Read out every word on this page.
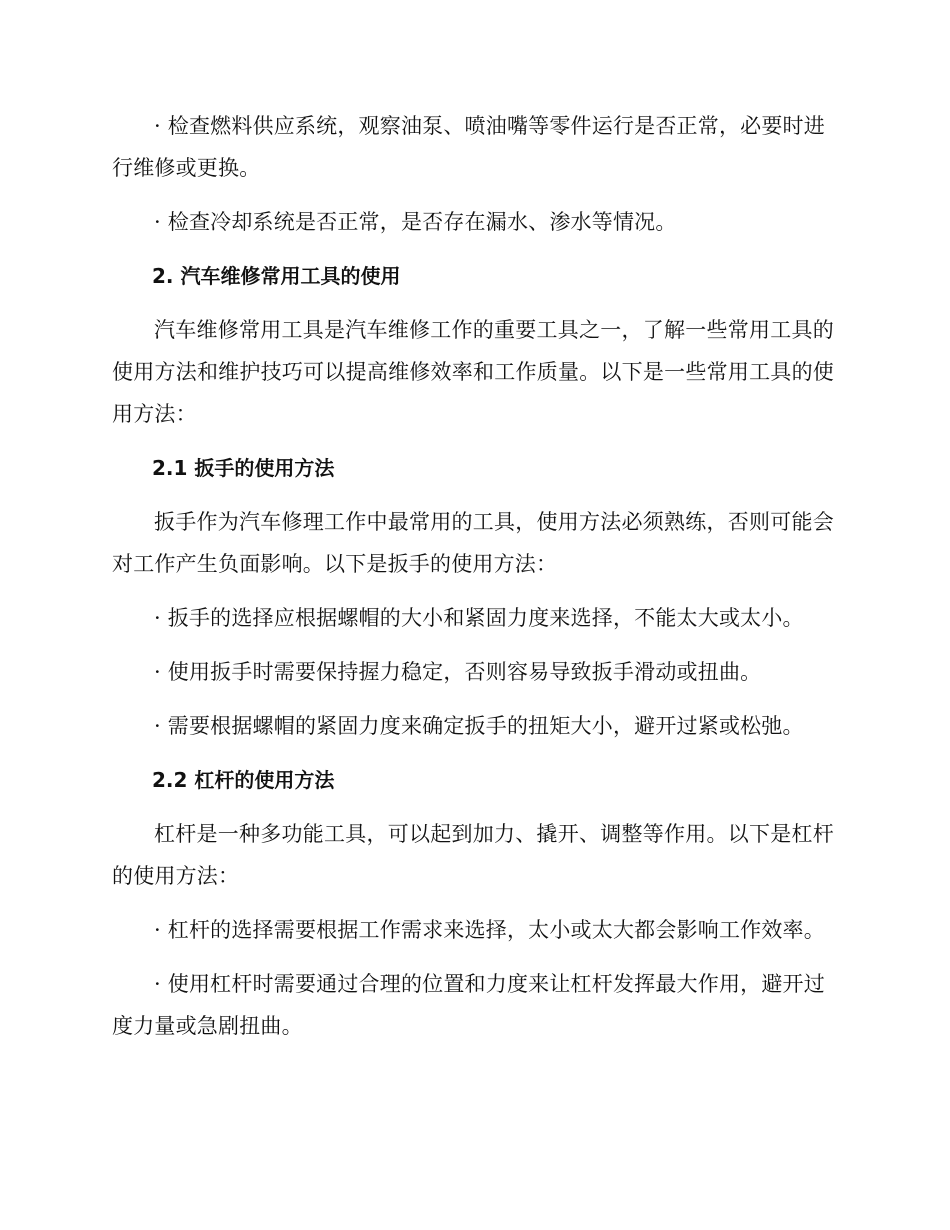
· 检查燃料供应系统，观察油泵、喷油嘴等零件运行是否正常，必要时进行维修或更换。

· 检查冷却系统是否正常，是否存在漏水、渗水等情况。

2. 汽车维修常用工具的使用

汽车维修常用工具是汽车维修工作的重要工具之一，了解一些常用工具的使用方法和维护技巧可以提高维修效率和工作质量。以下是一些常用工具的使用方法：

2.1 扳手的使用方法

扳手作为汽车修理工作中最常用的工具，使用方法必须熟练，否则可能会对工作产生负面影响。以下是扳手的使用方法：

· 扳手的选择应根据螺帽的大小和紧固力度来选择，不能太大或太小。

· 使用扳手时需要保持握力稳定，否则容易导致扳手滑动或扭曲。

· 需要根据螺帽的紧固力度来确定扳手的扭矩大小，避开过紧或松弛。

2.2 杠杆的使用方法

杠杆是一种多功能工具，可以起到加力、撬开、调整等作用。以下是杠杆的使用方法：

· 杠杆的选择需要根据工作需求来选择，太小或太大都会影响工作效率。

· 使用杠杆时需要通过合理的位置和力度来让杠杆发挥最大作用，避开过度力量或急剧扭曲。
